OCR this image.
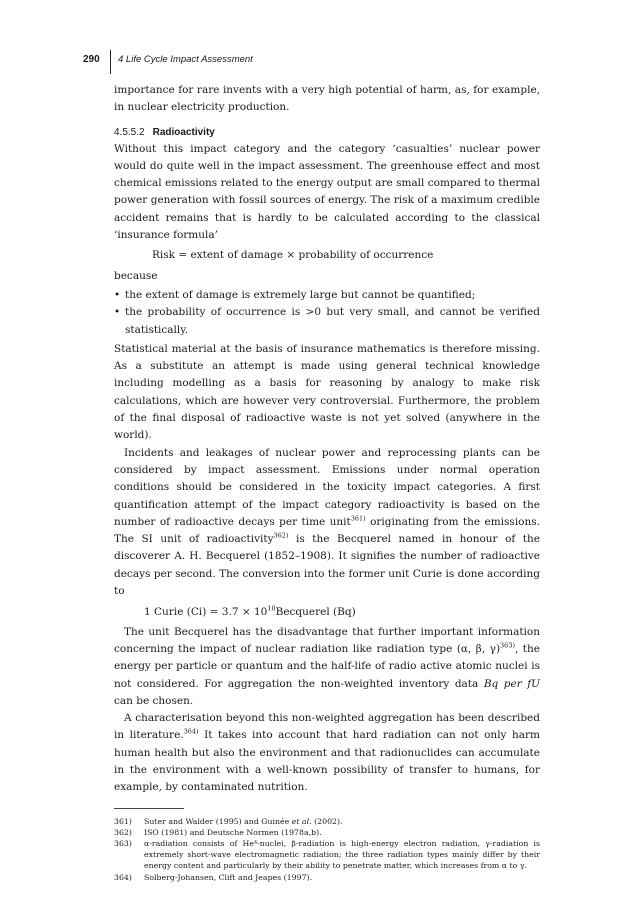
290 4 Life Cycle Impact Assessment

importance for rare invents with a very high potential of harm, as, for example, in nuclear electricity production.

4.5.5.2 Radioactivity

Without this impact category and the category ‘casualties’ nuclear power would do quite well in the impact assessment. The greenhouse effect and most chemical emissions related to the energy output are small compared to thermal power generation with fossil sources of energy. The risk of a maximum credible accident remains that is hardly to be calculated according to the classical ‘insurance formula’

Risk = extent of damage × probability of occurrence

because

• the extent of damage is extremely large but cannot be quantified;
• the probability of occurrence is >0 but very small, and cannot be verified statistically.

Statistical material at the basis of insurance mathematics is therefore missing. As a substitute an attempt is made using general technical knowledge including modelling as a basis for reasoning by analogy to make risk calculations, which are however very controversial. Furthermore, the problem of the final disposal of radioactive waste is not yet solved (anywhere in the world).

Incidents and leakages of nuclear power and reprocessing plants can be considered by impact assessment. Emissions under normal operation conditions should be considered in the toxicity impact categories. A first quantification attempt of the impact category radioactivity is based on the number of radioactive decays per time unit$^{361)}$ originating from the emissions. The SI unit of radioactivity$^{362)}$ is the Becquerel named in honour of the discoverer A. H. Becquerel (1852–1908). It signifies the number of radioactive decays per second. The conversion into the former unit Curie is done according to

1 Curie $(Ci) = 3.7 \times 10^{10}Becquerel$ (Bq)

The unit Becquerel has the disadvantage that further important information concerning the impact of nuclear radiation like radiation type (α, β, γ)$^{363)}$, the energy per particle or quantum and the half-life of radio active atomic nuclei is not considered. For aggregation the non-weighted inventory data Bq per fU can be chosen.

A characterisation beyond this non-weighted aggregation has been described in literature.$^{364)}$ It takes into account that hard radiation can not only harm human health but also the environment and that radionuclides can accumulate in the environment with a well-known possibility of transfer to humans, for example, by contaminated nutrition.

361) Suter and Walder (1995) and Guinée et al. (2002).
362) ISO (1981) and Deutsche Normen (1978a,b).
363) α-radiation consists of He⁴-nuclei, β-radiation is high-energy electron radiation, γ-radiation is extremely short-wave electromagnetic radiation; the three radiation types mainly differ by their energy content and particularly by their ability to penetrate matter, which increases from α to γ.
364) Solberg-Johansen, Clift and Jeapes (1997).
